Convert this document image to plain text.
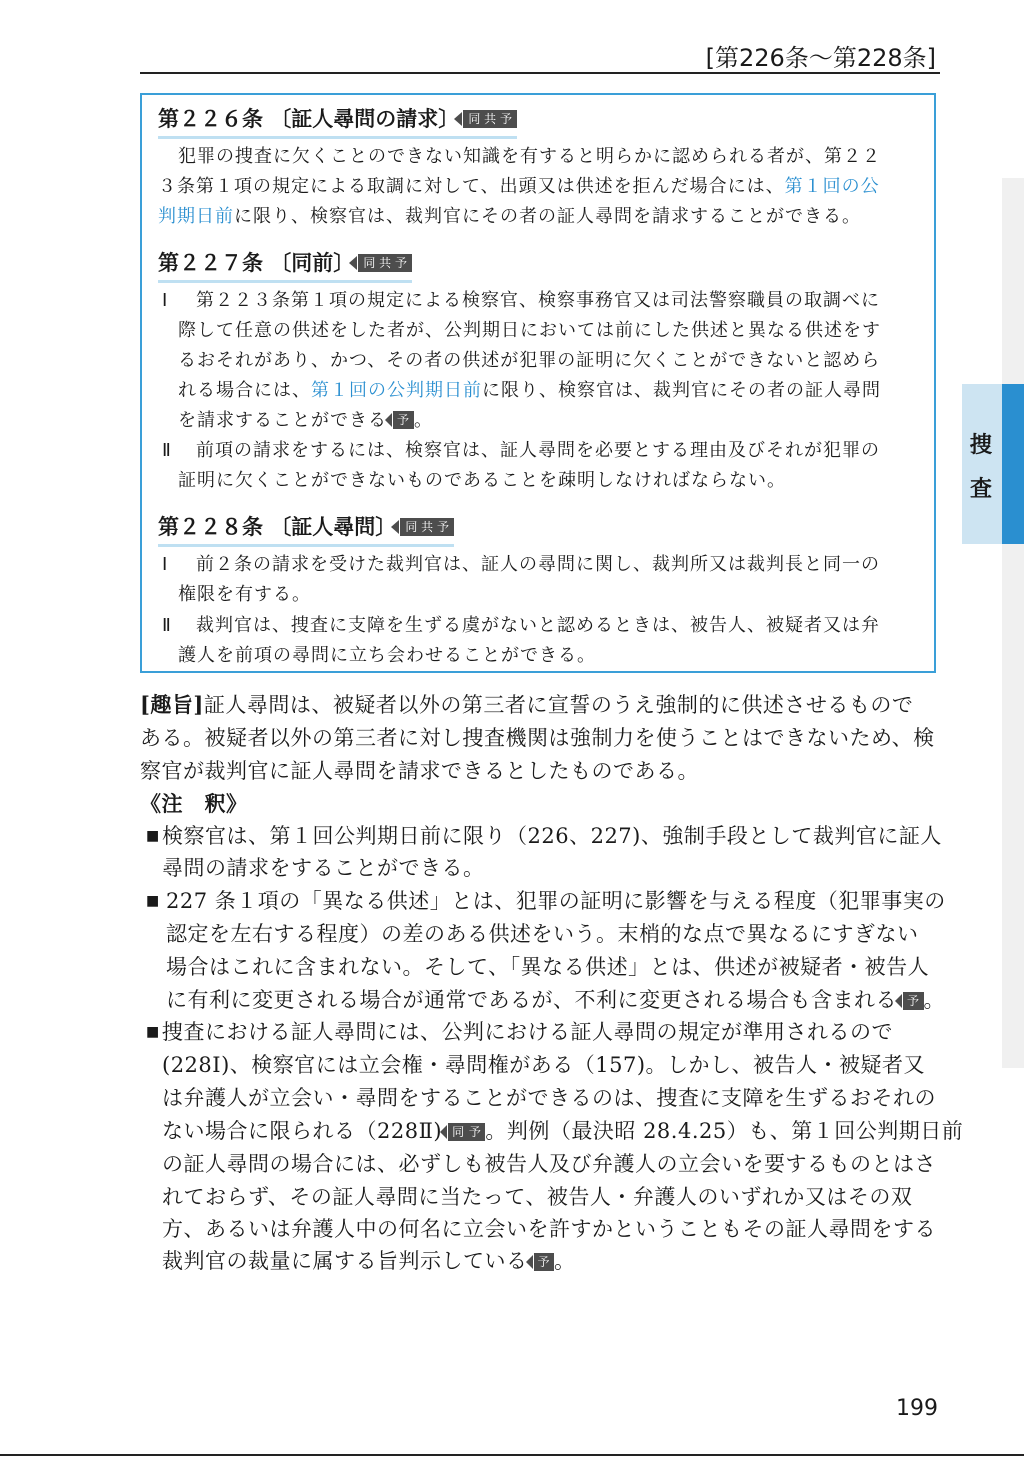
[第226条〜第228条]
第２２６条 〔証人尋問の請求〕 同 共 予
犯罪の捜査に欠くことのできない知識を有すると明らかに認められる者が、第２２
３条第１項の規定による取調に対して、出頭又は供述を拒んだ場合には、第１回の公
判期日前に限り、検察官は、裁判官にその者の証人尋問を請求することができる。
第２２７条 〔同前〕 同 共 予
Ⅰ 第２２３条第１項の規定による検察官、検察事務官又は司法警察職員の取調べに
際して任意の供述をした者が、公判期日においては前にした供述と異なる供述をす
るおそれがあり、かつ、その者の供述が犯罪の証明に欠くことができないと認めら
れる場合には、第１回の公判期日前に限り、検察官は、裁判官にその者の証人尋問
を請求することができる 予 。
Ⅱ 前項の請求をするには、検察官は、証人尋問を必要とする理由及びそれが犯罪の
証明に欠くことができないものであることを疎明しなければならない。
第２２８条 〔証人尋問〕 同 共 予
Ⅰ 前２条の請求を受けた裁判官は、証人の尋問に関し、裁判所又は裁判長と同一の
権限を有する。
Ⅱ 裁判官は、捜査に支障を生ずる虞がないと認めるときは、被告人、被疑者又は弁
護人を前項の尋問に立ち会わせることができる。
[趣旨]証人尋問は、被疑者以外の第三者に宣誓のうえ強制的に供述させるもので
ある。被疑者以外の第三者に対し捜査機関は強制力を使うことはできないため、検
察官が裁判官に証人尋問を請求できるとしたものである。
《注　釈》
■ 検察官は、第１回公判期日前に限り（226、227)、強制手段として裁判官に証人
尋問の請求をすることができる。
■ 227 条１項の「異なる供述」とは、犯罪の証明に影響を与える程度（犯罪事実の
認定を左右する程度）の差のある供述をいう。末梢的な点で異なるにすぎない
場合はこれに含まれない。そして、「異なる供述」とは、供述が被疑者・被告人
に有利に変更される場合が通常であるが、不利に変更される場合も含まれる 予 。
■ 捜査における証人尋問には、公判における証人尋問の規定が準用されるので
(228Ⅰ)、検察官には立会権・尋問権がある（157)。しかし、被告人・被疑者又
は弁護人が立会い・尋問をすることができるのは、捜査に支障を生ずるおそれの
ない場合に限られる（228Ⅱ) 同 予 。判例（最決昭 28.4.25）も、第１回公判期日前
の証人尋問の場合には、必ずしも被告人及び弁護人の立会いを要するものとはさ
れておらず、その証人尋問に当たって、被告人・弁護人のいずれか又はその双
方、あるいは弁護人中の何名に立会いを許すかということもその証人尋問をする
裁判官の裁量に属する旨判示している 予 。
捜
査
199
